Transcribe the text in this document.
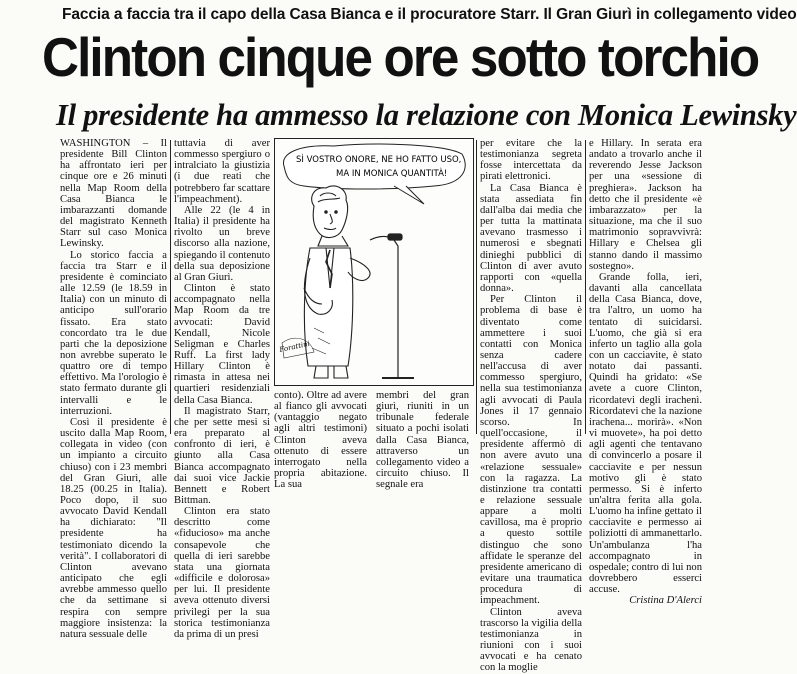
Faccia a faccia tra il capo della Casa Bianca e il procuratore Starr. Il Gran Giurì in collegamento video
Clinton cinque ore sotto torchio
Il presidente ha ammesso la relazione con Monica Lewinsky

WASHINGTON – Il presidente Bill Clinton ha affrontato ieri per cinque ore e 26 minuti nella Map Room della Casa Bianca le imbarazzanti domande del magistrato Kenneth Starr sul caso Monica Lewinsky.

Lo storico faccia a faccia tra Starr e il presidente è cominciato alle 12.59 (le 18.59 in Italia) con un minuto di anticipo sull'orario fissato. Era stato concordato tra le due parti che la deposizione non avrebbe superato le quattro ore di tempo effettivo. Ma l'orologio è stato fermato durante gli intervalli e le interruzioni.

Così il presidente è uscito dalla Map Room, collegata in video (con un impianto a circuito chiuso) con i 23 membri del Gran Giurì, alle 18.25 (00.25 in Italia). Poco dopo, il suo avvocato David Kendall ha dichiarato: "Il presidente ha testimoniato dicendo la verità". I collaboratori di Clinton avevano anticipato che egli avrebbe ammesso quello che da settimane si respira con sempre maggiore insistenza: la natura sessuale delle

tuttavia di aver commesso spergiuro o intralciato la giustizia (i due reati che potrebbero far scattare l'impeachment).

Alle 22 (le 4 in Italia) il presidente ha rivolto un breve discorso alla nazione, spiegando il contenuto della sua deposizione al Gran Giurì.

Clinton è stato accompagnato nella Map Room da tre avvocati: David Kendall, Nicole Seligman e Charles Ruff. La first lady Hillary Clinton è rimasta in attesa nei quartieri residenziali della Casa Bianca.

Il magistrato Starr, che per sette mesi si era preparato al confronto di ieri, è giunto alla Casa Bianca accompagnato dai suoi vice Jackie Bennett e Robert Bittman.

Clinton era stato descritto come «fiducioso» ma anche consapevole che quella di ieri sarebbe stata una giornata «difficile e dolorosa» per lui. Il presidente aveva ottenuto diversi privilegi per la sua storica testimonianza da prima di un presi

SÌ VOSTRO ONORE, NE HO FATTO USO,
MA IN MONICA QUANTITÀ!
Forattini

conto). Oltre ad avere al fianco gli avvocati (vantaggio negato agli altri testimoni) Clinton aveva ottenuto di essere interrogato nella propria abitazione. La sua

membri del gran giurì, riuniti in un tribunale federale situato a pochi isolati dalla Casa Bianca, attraverso un collegamento video a circuito chiuso. Il segnale era

per evitare che la testimonianza segreta fosse intercettata da pirati elettronici.

La Casa Bianca è stata assediata fin dall'alba dai media che per tutta la mattinata avevano trasmesso i numerosi e sbegnati dinieghi pubblici di Clinton di aver avuto rapporti con «quella donna».

Per Clinton il problema di base è diventato come ammettere i suoi contatti con Monica senza cadere nell'accusa di aver commesso spergiuro, nella sua testimonianza agli avvocati di Paula Jones il 17 gennaio scorso. In quell'occasione, il presidente affermò di non avere avuto una «relazione sessuale» con la ragazza. La distinzione tra contatti e relazione sessuale appare a molti cavillosa, ma è proprio a questo sottile distinguo che sono affidate le speranze del presidente americano di evitare una traumatica procedura di impeachment.

Clinton aveva trascorso la vigilia della testimonianza in riunioni con i suoi avvocati e ha cenato con la moglie

e Hillary. In serata era andato a trovarlo anche il reverendo Jesse Jackson per una «sessione di preghiera». Jackson ha detto che il presidente «è imbarazzato» per la situazione, ma che il suo matrimonio sopravvivrà: Hillary e Chelsea gli stanno dando il massimo sostegno».

Grande folla, ieri, davanti alla cancellata della Casa Bianca, dove, tra l'altro, un uomo ha tentato di suicidarsi. L'uomo, che già si era inferto un taglio alla gola con un cacciavite, è stato notato dai passanti. Quindi ha gridato: «Se avete a cuore Clinton, ricordatevi degli irachenì. Ricordatevi che la nazione irachena... morirà». «Non vi muovete», ha poi detto agli agenti che tentavano di convincerlo a posare il cacciavite e per nessun motivo gli è stato permesso. Si è inferto un'altra ferita alla gola. L'uomo ha infine gettato il cacciavite e permesso ai poliziotti di ammanettarlo. Un'ambulanza l'ha accompagnato in ospedale; contro di lui non dovrebbero esserci accuse.

Cristina D'Alerci
